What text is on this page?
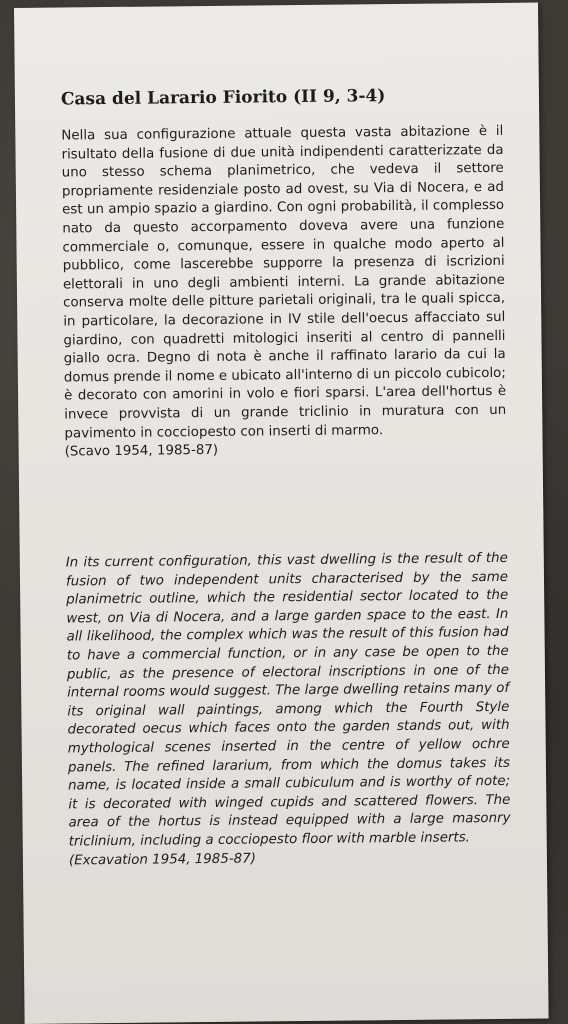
Casa del Larario Fiorito (II 9, 3-4)

Nella sua configurazione attuale questa vasta abitazione è il risultato della fusione di due unità indipendenti caratterizzate da uno stesso schema planimetrico, che vedeva il settore propriamente residenziale posto ad ovest, su Via di Nocera, e ad est un ampio spazio a giardino. Con ogni probabilità, il complesso nato da questo accorpamento doveva avere una funzione commerciale o, comunque, essere in qualche modo aperto al pubblico, come lascerebbe supporre la presenza di iscrizioni elettorali in uno degli ambienti interni. La grande abitazione conserva molte delle pitture parietali originali, tra le quali spicca, in particolare, la decorazione in IV stile dell'oecus affacciato sul giardino, con quadretti mitologici inseriti al centro di pannelli giallo ocra. Degno di nota è anche il raffinato larario da cui la domus prende il nome e ubicato all'interno di un piccolo cubicolo; è decorato con amorini in volo e fiori sparsi. L'area dell'hortus è invece provvista di un grande triclinio in muratura con un pavimento in cocciopesto con inserti di marmo.

(Scavo 1954, 1985-87)

In its current configuration, this vast dwelling is the result of the fusion of two independent units characterised by the same planimetric outline, which the residential sector located to the west, on Via di Nocera, and a large garden space to the east. In all likelihood, the complex which was the result of this fusion had to have a commercial function, or in any case be open to the public, as the presence of electoral inscriptions in one of the internal rooms would suggest. The large dwelling retains many of its original wall paintings, among which the Fourth Style decorated oecus which faces onto the garden stands out, with mythological scenes inserted in the centre of yellow ochre panels. The refined lararium, from which the domus takes its name, is located inside a small cubiculum and is worthy of note; it is decorated with winged cupids and scattered flowers. The area of the hortus is instead equipped with a large masonry triclinium, including a cocciopesto floor with marble inserts.

(Excavation 1954, 1985-87)
